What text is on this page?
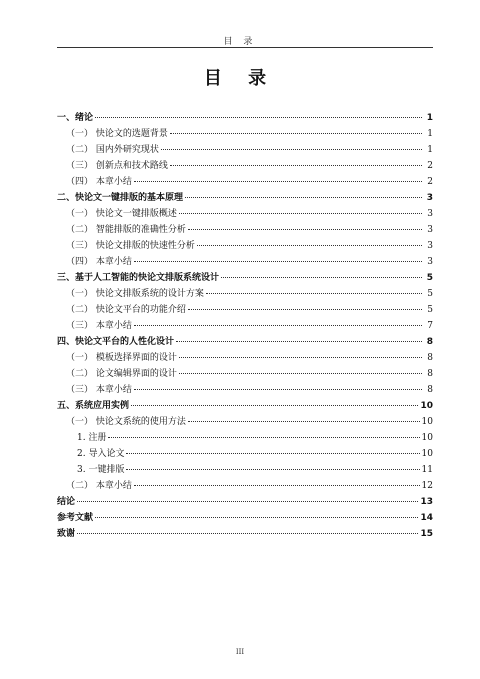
目 录
目 录
一、绪论	1
（一） 快论文的选题背景	1
（二） 国内外研究现状	1
（三） 创新点和技术路线	2
（四） 本章小结	2
二、快论文一键排版的基本原理	3
（一） 快论文一键排版概述	3
（二） 智能排版的准确性分析	3
（三） 快论文排版的快速性分析	3
（四） 本章小结	3
三、基于人工智能的快论文排版系统设计	5
（一） 快论文排版系统的设计方案	5
（二） 快论文平台的功能介绍	5
（三） 本章小结	7
四、快论文平台的人性化设计	8
（一） 模板选择界面的设计	8
（二） 论文编辑界面的设计	8
（三） 本章小结	8
五、系统应用实例	10
（一） 快论文系统的使用方法	10
1. 注册	10
2. 导入论文	10
3. 一键排版	11
（二） 本章小结	12
结论	13
参考文献	14
致谢	15
III
